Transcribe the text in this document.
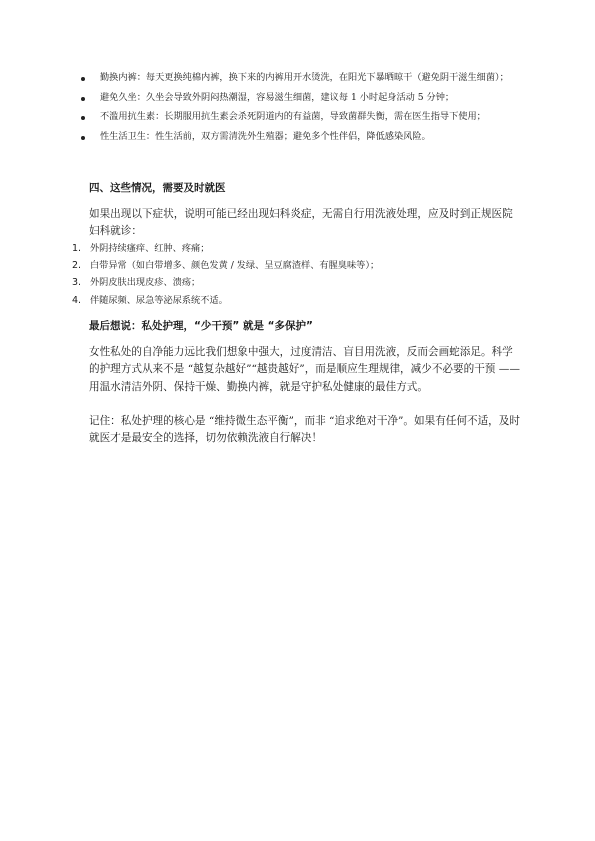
勤换内裤：每天更换纯棉内裤，换下来的内裤用开水烫洗，在阳光下暴晒晾干（避免阴干滋生细菌）；
避免久坐：久坐会导致外阴闷热潮湿，容易滋生细菌，建议每 1 小时起身活动 5 分钟；
不滥用抗生素：长期服用抗生素会杀死阴道内的有益菌，导致菌群失衡，需在医生指导下使用；
性生活卫生：性生活前，双方需清洗外生殖器；避免多个性伴侣，降低感染风险。
四、这些情况，需要及时就医

如果出现以下症状，说明可能已经出现妇科炎症，无需自行用洗液处理，应及时到正规医院妇科就诊：

1. 外阴持续瘙痒、红肿、疼痛；
2. 白带异常（如白带增多、颜色发黄 / 发绿、呈豆腐渣样、有腥臭味等）；
3. 外阴皮肤出现皮疹、溃疡；
4. 伴随尿频、尿急等泌尿系统不适。
最后想说：私处护理，“少干预” 就是 “多保护”

女性私处的自净能力远比我们想象中强大，过度清洁、盲目用洗液，反而会画蛇添足。科学的护理方式从来不是 “越复杂越好”“越贵越好”，而是顺应生理规律，减少不必要的干预 —— 用温水清洁外阴、保持干燥、勤换内裤，就是守护私处健康的最佳方式。

记住：私处护理的核心是 “维持微生态平衡”，而非 “追求绝对干净”。如果有任何不适，及时就医才是最安全的选择，切勿依赖洗液自行解决！
